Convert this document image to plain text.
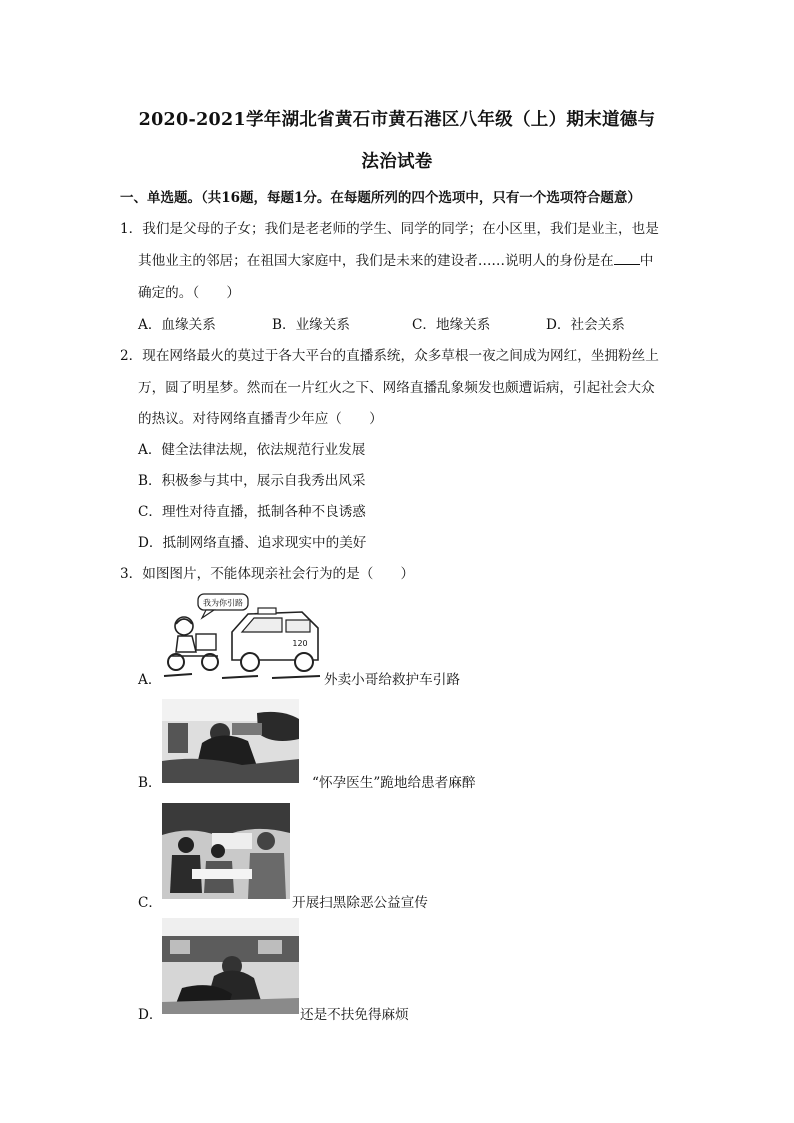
2020-2021学年湖北省黄石市黄石港区八年级（上）期末道德与
法治试卷
一、单选题。（共16题，每题1分。在每题所列的四个选项中，只有一个选项符合题意）
1．我们是父母的子女；我们是老老师的学生、同学的同学；在小区里，我们是业主，也是
其他业主的邻居；在祖国大家庭中，我们是未来的建设者……说明人的身份是在 中
确定的。（　　）
A．血缘关系	B．业缘关系	C．地缘关系	D．社会关系
2．现在网络最火的莫过于各大平台的直播系统，众多草根一夜之间成为网红，坐拥粉丝上
万，圆了明星梦。然而在一片红火之下、网络直播乱象频发也颇遭诟病，引起社会大众
的热议。对待网络直播青少年应（　　）
A．健全法律法规，依法规范行业发展
B．积极参与其中，展示自我秀出风采
C．理性对待直播，抵制各种不良诱惑
D．抵制网络直播、追求现实中的美好
3．如图图片，不能体现亲社会行为的是（　　）
A．
我为你引路
120
外卖小哥给救护车引路
B．	“怀孕医生”跪地给患者麻醉
C．	开展扫黑除恶公益宣传
D．	还是不扶免得麻烦
